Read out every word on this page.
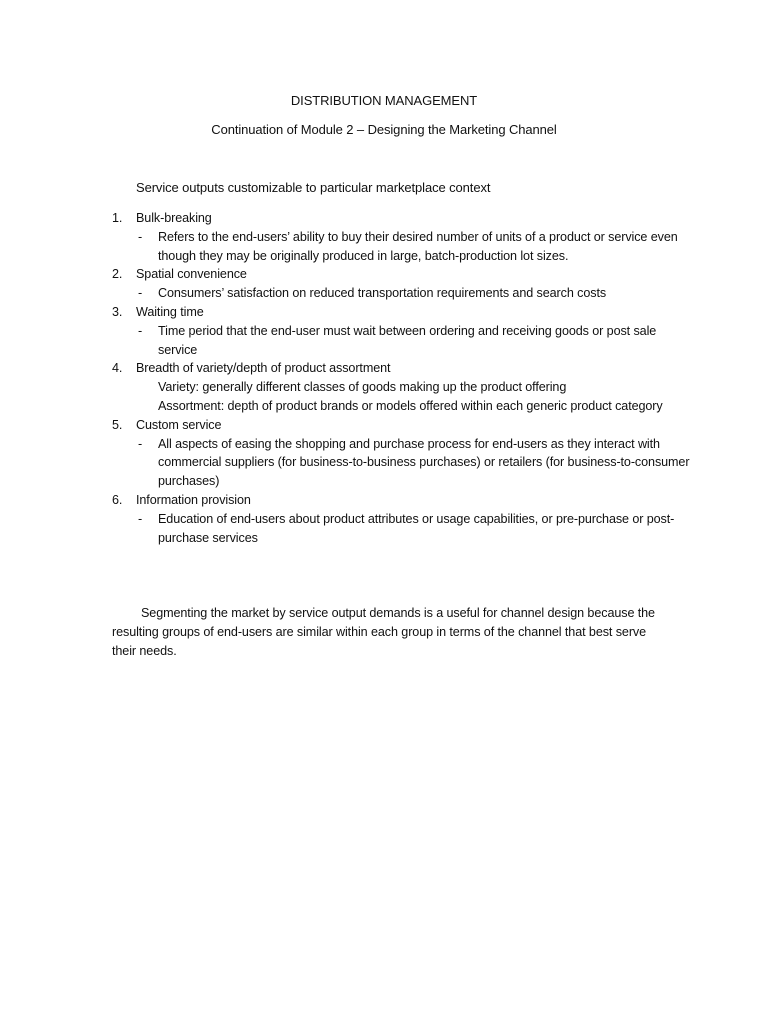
DISTRIBUTION MANAGEMENT
Continuation of Module 2 – Designing the Marketing Channel
Service outputs customizable to particular marketplace context
1. Bulk-breaking
- Refers to the end-users’ ability to buy their desired number of units of a product or service even though they may be originally produced in large, batch-production lot sizes.
2. Spatial convenience
- Consumers’ satisfaction on reduced transportation requirements and search costs
3. Waiting time
- Time period that the end-user must wait between ordering and receiving goods or post sale service
4. Breadth of variety/depth of product assortment
Variety: generally different classes of goods making up the product offering
Assortment: depth of product brands or models offered within each generic product category
5. Custom service
- All aspects of easing the shopping and purchase process for end-users as they interact with commercial suppliers (for business-to-business purchases) or retailers (for business-to-consumer purchases)
6. Information provision
- Education of end-users about product attributes or usage capabilities, or pre-purchase or post-purchase services

Segmenting the market by service output demands is a useful for channel design because the resulting groups of end-users are similar within each group in terms of the channel that best serve their needs.
